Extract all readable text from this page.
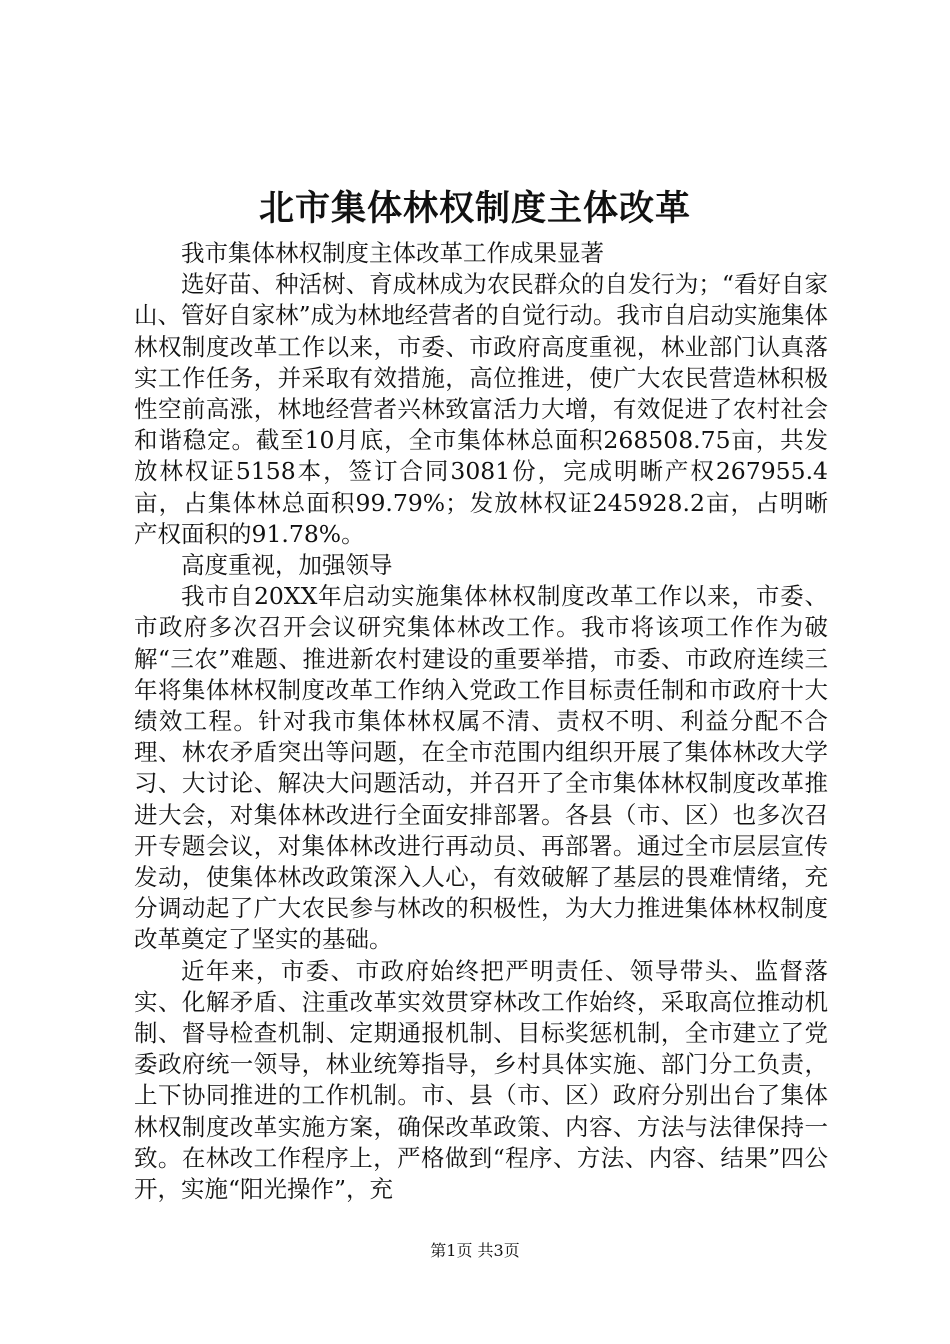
北市集体林权制度主体改革

我市集体林权制度主体改革工作成果显著

选好苗、种活树、育成林成为农民群众的自发行为；“看好自家山、管好自家林”成为林地经营者的自觉行动。我市自启动实施集体林权制度改革工作以来，市委、市政府高度重视，林业部门认真落实工作任务，并采取有效措施，高位推进，使广大农民营造林积极性空前高涨，林地经营者兴林致富活力大增，有效促进了农村社会和谐稳定。截至10月底，全市集体林总面积268508.75亩，共发放林权证5158本，签订合同3081份，完成明晰产权267955.4亩，占集体林总面积99.79%；发放林权证245928.2亩，占明晰产权面积的91.78%。

高度重视，加强领导

我市自20XX年启动实施集体林权制度改革工作以来，市委、市政府多次召开会议研究集体林改工作。我市将该项工作作为破解“三农”难题、推进新农村建设的重要举措，市委、市政府连续三年将集体林权制度改革工作纳入党政工作目标责任制和市政府十大绩效工程。针对我市集体林权属不清、责权不明、利益分配不合理、林农矛盾突出等问题，在全市范围内组织开展了集体林改大学习、大讨论、解决大问题活动，并召开了全市集体林权制度改革推进大会，对集体林改进行全面安排部署。各县（市、区）也多次召开专题会议，对集体林改进行再动员、再部署。通过全市层层宣传发动，使集体林改政策深入人心，有效破解了基层的畏难情绪，充分调动起了广大农民参与林改的积极性，为大力推进集体林权制度改革奠定了坚实的基础。

近年来，市委、市政府始终把严明责任、领导带头、监督落实、化解矛盾、注重改革实效贯穿林改工作始终，采取高位推动机制、督导检查机制、定期通报机制、目标奖惩机制，全市建立了党委政府统一领导，林业统筹指导，乡村具体实施、部门分工负责，上下协同推进的工作机制。市、县（市、区）政府分别出台了集体林权制度改革实施方案，确保改革政策、内容、方法与法律保持一致。在林改工作程序上，严格做到“程序、方法、内容、结果”四公开，实施“阳光操作”，充

第1页 共3页
